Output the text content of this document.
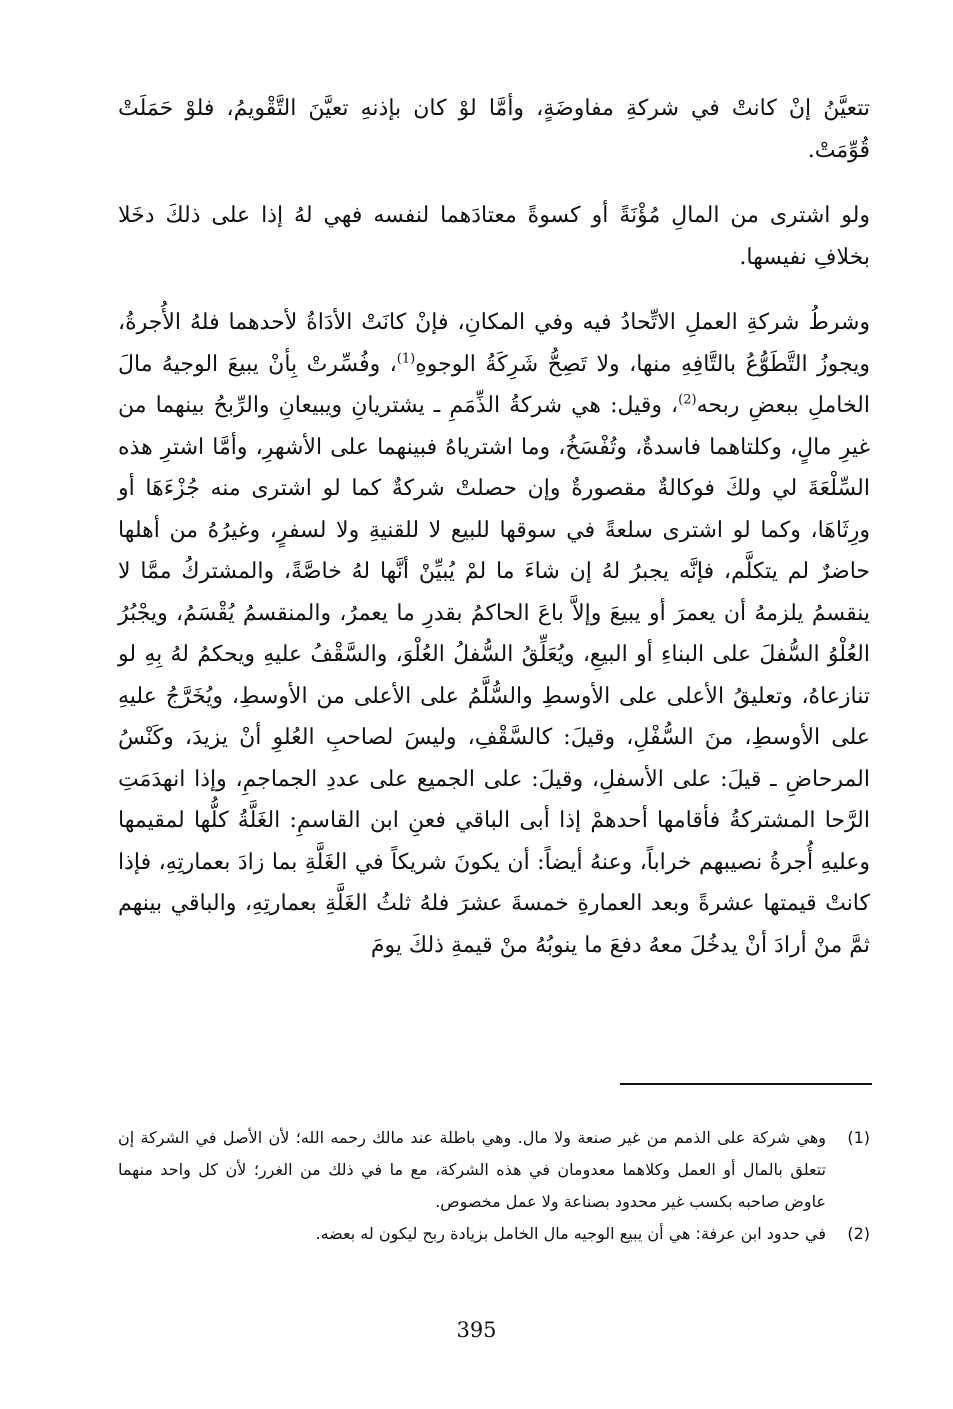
تتعيَّنُ إنْ كانتْ في شركةِ مفاوضَةٍ، وأمَّا لوْ كان بإذنهِ تعيَّنَ التَّقْويمُ، فلوْ حَمَلَتْ قُوِّمَتْ.

ولو اشترى من المالِ مُؤْنَةً أو كسوةً معتادَهما لنفسه فهي لهُ إذا على ذلكَ دخَلا بخلافِ نفيسها.

وشرطُ شركةِ العملِ الاتِّحادُ فيه وفي المكانِ، فإنْ كانَتْ الأدَاةُ لأحدهما فلهُ الأُجرةُ، ويجوزُ التَّطَوُّعُ بالتَّافِهِ منها، ولا تَصِحُّ شَرِكَةُ الوجوهِ$^{(1)}$، وفُسِّرتْ بِأنْ يبيعَ الوجيهُ مالَ الخاملِ ببعضِ ربحه$^{(2)}$، وقيل: هي شركةُ الذِّمَمِ ـ يشتريانِ ويبيعانِ والرِّبحُ بينهما من غيرِ مالٍ، وكلتاهما فاسدةٌ، وتُفْسَخُ، وما اشترياهُ فبينهما على الأشهرِ، وأمَّا اشترِ هذه السِّلْعَةَ لي ولكَ فوكالةٌ مقصورةٌ وإن حصلتْ شركةٌ كما لو اشترى منه جُزْءَهَا أو ورِثَاهَا، وكما لو اشترى سلعةً في سوقها للبيع لا للقنيةِ ولا لسفرٍ، وغيرُهُ من أهلها حاضرٌ لم يتكلَّم، فإنَّه يجبرُ لهُ إن شاءَ ما لمْ يُبيِّنْ أنَّها لهُ خاصَّةً، والمشتركُ ممَّا لا ينقسمُ يلزمهُ أن يعمرَ أو يبيعَ وإلاَّ باعَ الحاكمُ بقدرِ ما يعمرُ، والمنقسمُ يُقْسَمُ، ويجْبُرُ العُلْوُ السُّفلَ على البناءِ أو البيعِ، ويُعَلِّقُ السُّفلُ العُلْوَ، والسَّقْفُ عليهِ ويحكمُ لهُ بِهِ لو تنازعاهُ، وتعليقُ الأعلى على الأوسطِ والسُّلَّمُ على الأعلى من الأوسطِ، ويُخَرَّجُ عليهِ على الأوسطِ، منَ السُّفْلِ، وقيلَ: كالسَّقْفِ، وليسَ لصاحبِ العُلوِ أنْ يزيدَ، وكَنْسُ المرحاضِ ـ قيلَ: على الأسفلِ، وقيلَ: على الجميع على عددِ الجماجمِ، وإذا انهدَمَتِ الرَّحا المشتركةُ فأقامها أحدهمْ إذا أبى الباقي فعنِ ابن القاسمِ: الغَلَّةُ كلُّها لمقيمها وعليهِ أُجرةُ نصيبهم خراباً، وعنهُ أيضاً: أن يكونَ شريكاً في الغَلَّةِ بما زادَ بعمارتِهِ، فإذا كانتْ قيمتها عشرةً وبعد العمارةِ خمسةَ عشرَ فلهُ ثلثُ الغَلَّةِ بعمارتِهِ، والباقي بينهم ثمَّ منْ أرادَ أنْ يدخُلَ معهُ دفعَ ما ينوبُهُ منْ قيمةِ ذلكَ يومَ

(1)
وهي شركة على الذمم من غير صنعة ولا مال. وهي باطلة عند مالك رحمه الله؛ لأن الأصل في الشركة إن تتعلق بالمال أو العمل وكلاهما معدومان في هذه الشركة، مع ما في ذلك من الغرر؛ لأن كل واحد منهما عاوض صاحبه بكسب غير محدود بصناعة ولا عمل مخصوص.
(2)
في حدود ابن عرفة: هي أن يبيع الوجيه مال الخامل بزيادة ربح ليكون له بعضه.
395
